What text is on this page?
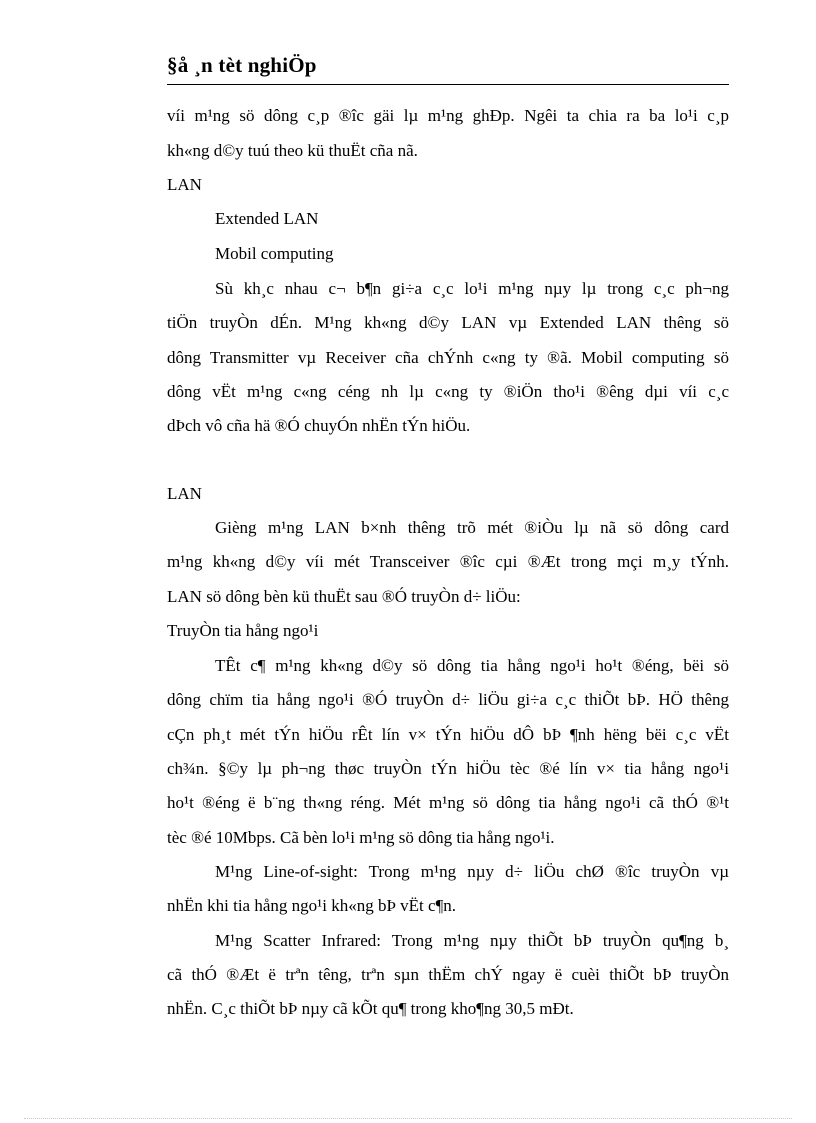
§å ¸n tèt nghiÖp
víi m¹ng sö dông c¸p ®îc gäi lµ m¹ng ghÐp. Ngêi ta chia ra ba lo¹i c¸p
kh«ng d©y tuú theo kü thuËt cña nã.
LAN
Extended LAN
Mobil computing
Sù kh¸c nhau c¬ b¶n gi÷a c¸c lo¹i m¹ng nµy lµ trong c¸c ph¬ng
tiÖn truyÒn dÉn. M¹ng kh«ng d©y LAN vµ Extended LAN thêng sö
dông Transmitter vµ Receiver cña chÝnh c«ng ty ®ã. Mobil computing sö
dông vËt m¹ng c«ng céng nh lµ c«ng ty ®iÖn tho¹i ®êng dµi víi c¸c
dÞch vô cña hä ®Ó chuyÓn nhËn tÝn hiÖu.
LAN
Gièng m¹ng LAN b×nh thêng trõ mét ®iÒu lµ nã sö dông card
m¹ng kh«ng d©y víi mét Transceiver ®îc cµi ®Æt trong mçi m¸y tÝnh.
LAN sö dông bèn kü thuËt sau ®Ó truyÒn d÷ liÖu:
TruyÒn tia hång ngo¹i
TÊt c¶ m¹ng kh«ng d©y sö dông tia hång ngo¹i ho¹t ®éng, bëi sö
dông chïm tia hång ngo¹i ®Ó truyÒn d÷ liÖu gi÷a c¸c thiÕt bÞ. HÖ thêng
cÇn ph¸t mét tÝn hiÖu rÊt lín v× tÝn hiÖu dÔ bÞ ¶nh hëng bëi c¸c vËt
ch¾n. §©y lµ ph¬ng thøc truyÒn tÝn hiÖu tèc ®é lín v× tia hång ngo¹i
ho¹t ®éng ë b¨ng th«ng réng. Mét m¹ng sö dông tia hång ngo¹i cã thÓ ®¹t
tèc ®é 10Mbps. Cã bèn lo¹i m¹ng sö dông tia hång ngo¹i.
M¹ng Line-of-sight: Trong m¹ng nµy d÷ liÖu chØ ®îc truyÒn vµ
nhËn khi tia hång ngo¹i kh«ng bÞ vËt c¶n.
M¹ng Scatter Infrared: Trong m¹ng nµy thiÕt bÞ truyÒn qu¶ng b¸
cã thÓ ®Æt ë trªn têng, trªn sµn thËm chÝ ngay ë cuèi thiÕt bÞ truyÒn
nhËn. C¸c thiÕt bÞ nµy cã kÕt qu¶ trong kho¶ng 30,5 mÐt.
